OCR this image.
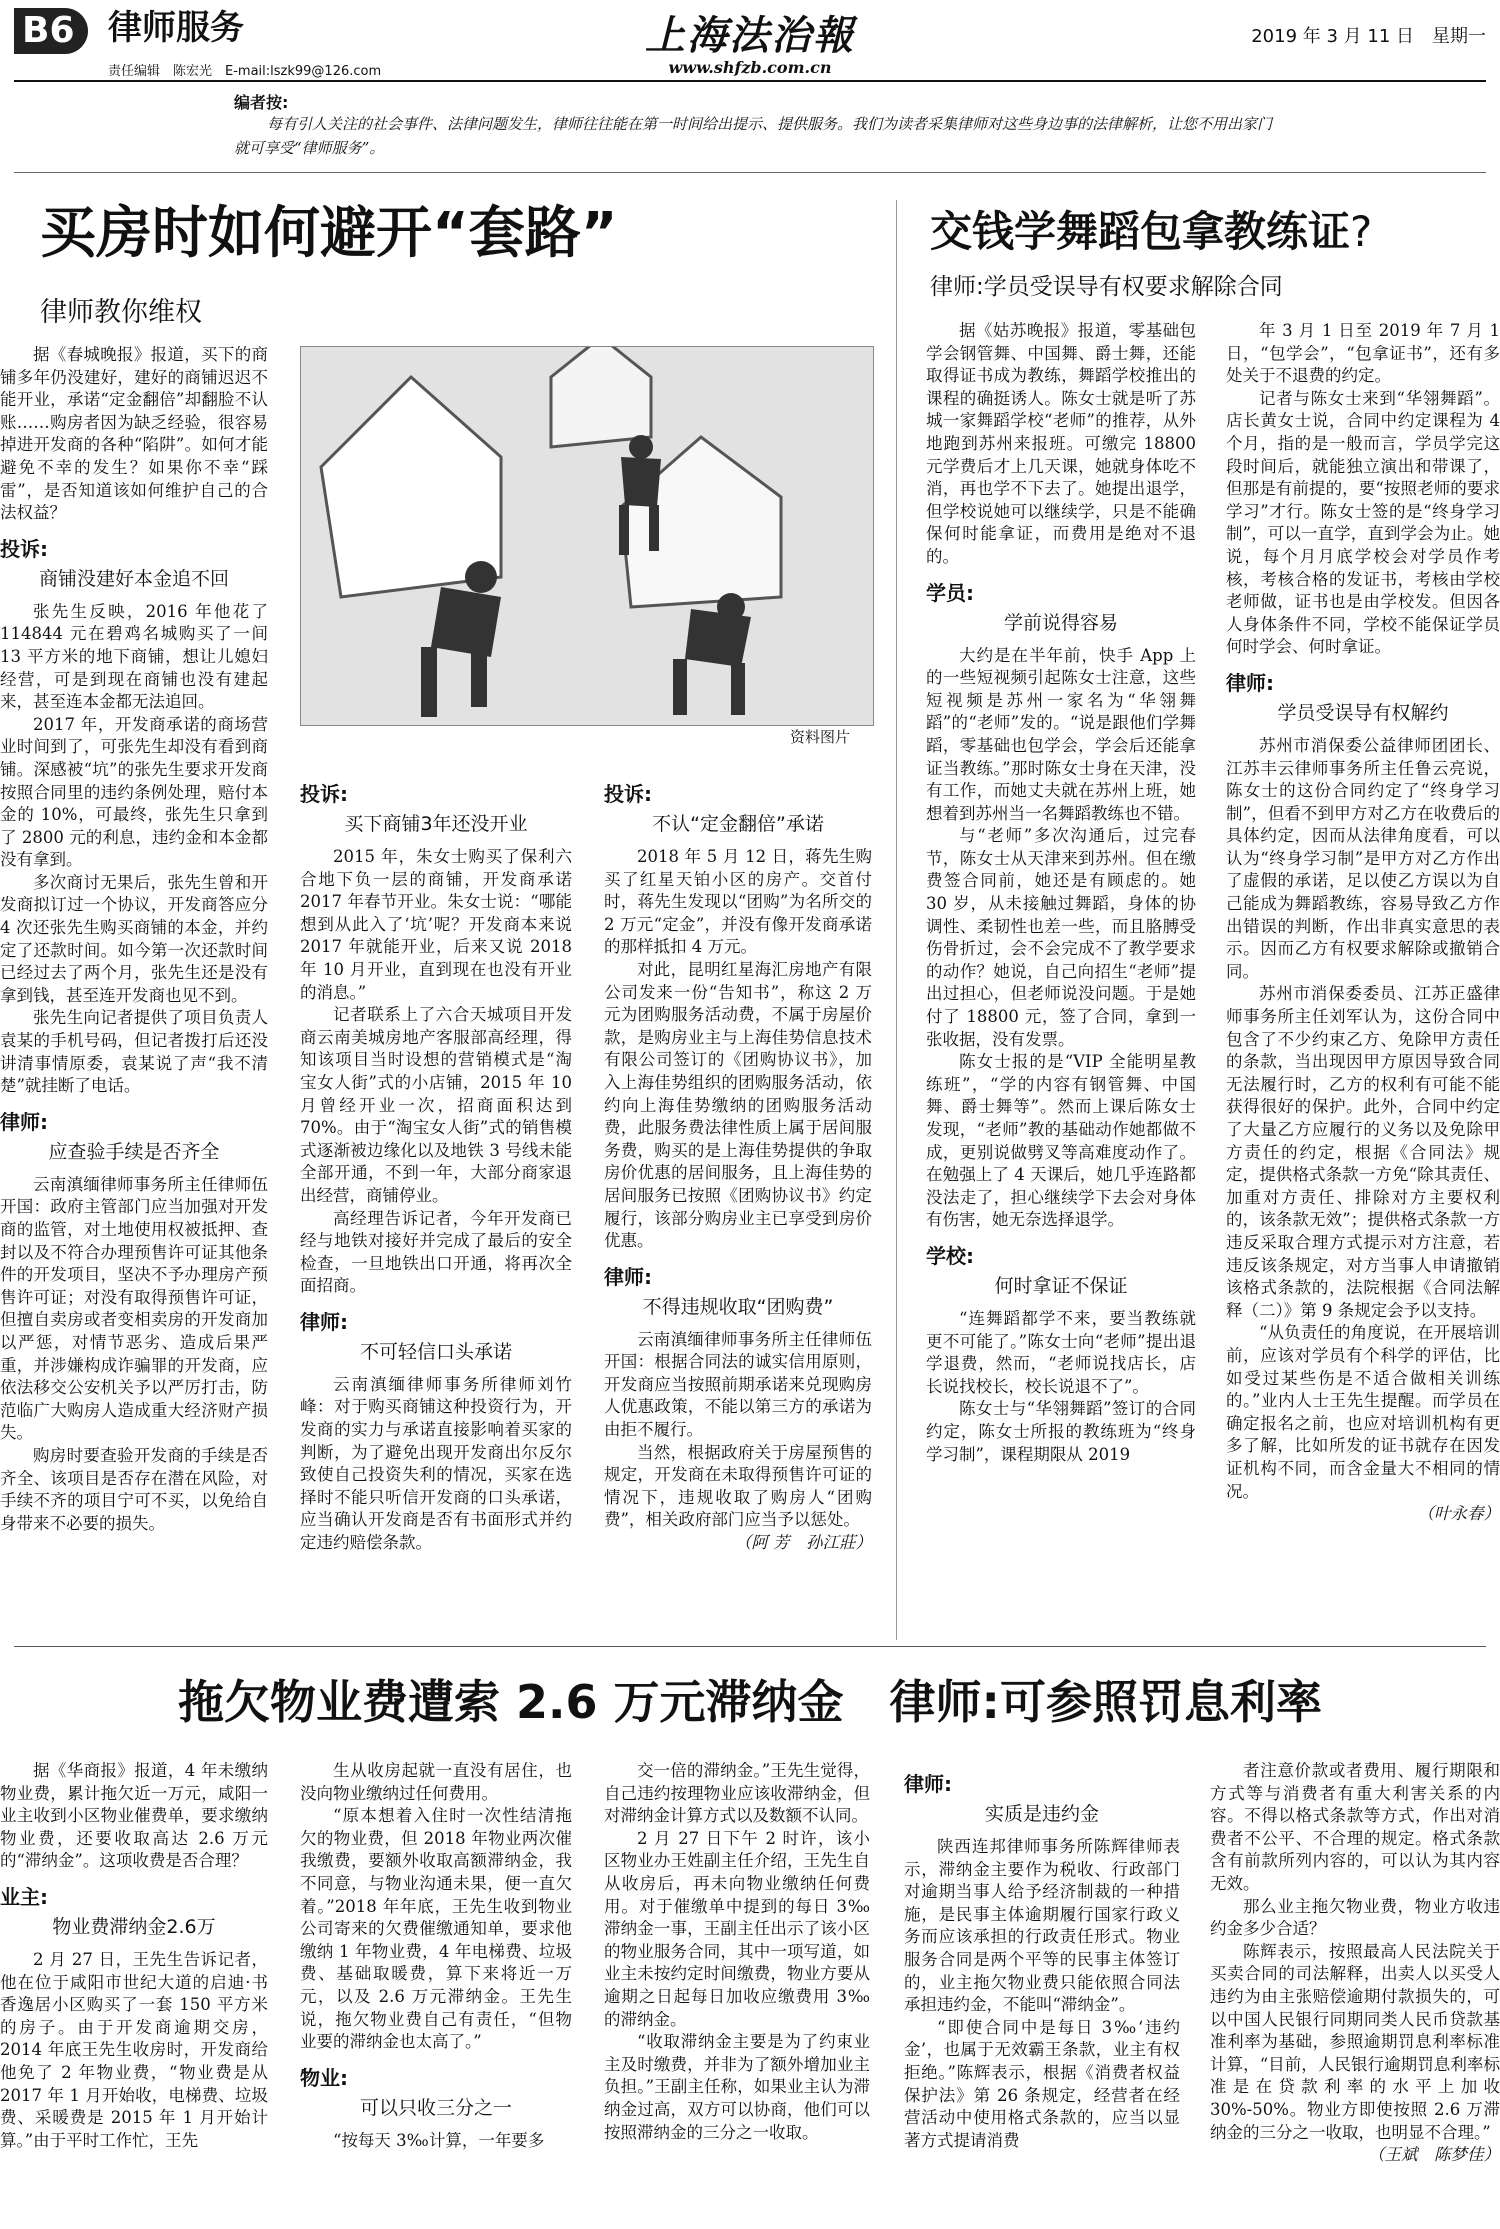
B6 律师服务
责任编辑　陈宏光　E-mail:lszk99@126.com
上海法治報
www.shfzb.com.cn
2019 年 3 月 11 日　星期一
编者按:
每有引人关注的社会事件、法律问题发生，律师往往能在第一时间给出提示、提供服务。我们为读者采集律师对这些身边事的法律解析，让您不用出家门就可享受“律师服务”。
买房时如何避开“套路”
律师教你维权
资料图片

据《春城晚报》报道，买下的商铺多年仍没建好，建好的商铺迟迟不能开业，承诺“定金翻倍”却翻脸不认账……购房者因为缺乏经验，很容易掉进开发商的各种“陷阱”。如何才能避免不幸的发生？如果你不幸“踩雷”，是否知道该如何维护自己的合法权益？

投诉:

商铺没建好本金追不回

张先生反映，2016 年他花了 114844 元在碧鸡名城购买了一间 13 平方米的地下商铺，想让儿媳妇经营，可是到现在商铺也没有建起来，甚至连本金都无法追回。

2017 年，开发商承诺的商场营业时间到了，可张先生却没有看到商铺。深感被“坑”的张先生要求开发商按照合同里的违约条例处理，赔付本金的 10%，可最终，张先生只拿到了 2800 元的利息，违约金和本金都没有拿到。

多次商讨无果后，张先生曾和开发商拟订过一个协议，开发商答应分 4 次还张先生购买商铺的本金，并约定了还款时间。如今第一次还款时间已经过去了两个月，张先生还是没有拿到钱，甚至连开发商也见不到。

张先生向记者提供了项目负责人袁某的手机号码，但记者拨打后还没讲清事情原委，袁某说了声“我不清楚”就挂断了电话。

律师:

应查验手续是否齐全

云南滇缅律师事务所主任律师伍开国：政府主管部门应当加强对开发商的监管，对土地使用权被抵押、查封以及不符合办理预售许可证其他条件的开发项目，坚决不予办理房产预售许可证；对没有取得预售许可证，但擅自卖房或者变相卖房的开发商加以严惩，对情节恶劣、造成后果严重，并涉嫌构成诈骗罪的开发商，应依法移交公安机关予以严厉打击，防范临广大购房人造成重大经济财产损失。

购房时要查验开发商的手续是否齐全、该项目是否存在潜在风险，对手续不齐的项目宁可不买，以免给自身带来不必要的损失。

投诉:

买下商铺3年还没开业

2015 年，朱女士购买了保利六合地下负一层的商铺，开发商承诺 2017 年春节开业。朱女士说：“哪能想到从此入了‘坑’呢？开发商本来说 2017 年就能开业，后来又说 2018 年 10 月开业，直到现在也没有开业的消息。”

记者联系上了六合天城项目开发商云南美城房地产客服部高经理，得知该项目当时设想的营销模式是“淘宝女人街”式的小店铺，2015 年 10 月曾经开业一次，招商面积达到 70%。由于“淘宝女人街”式的销售模式逐渐被边缘化以及地铁 3 号线未能全部开通，不到一年，大部分商家退出经营，商铺停业。

高经理告诉记者，今年开发商已经与地铁对接好并完成了最后的安全检查，一旦地铁出口开通，将再次全面招商。

律师:

不可轻信口头承诺

云南滇缅律师事务所律师刘竹峰：对于购买商铺这种投资行为，开发商的实力与承诺直接影响着买家的判断，为了避免出现开发商出尔反尔致使自己投资失利的情况，买家在选择时不能只听信开发商的口头承诺，应当确认开发商是否有书面形式并约定违约赔偿条款。

投诉:

不认“定金翻倍”承诺

2018 年 5 月 12 日，蒋先生购买了红星天铂小区的房产。交首付时，蒋先生发现以“团购”为名所交的 2 万元“定金”，并没有像开发商承诺的那样抵扣 4 万元。

对此，昆明红星海汇房地产有限公司发来一份“告知书”，称这 2 万元为团购服务活动费，不属于房屋价款，是购房业主与上海佳势信息技术有限公司签订的《团购协议书》，加入上海佳势组织的团购服务活动，依约向上海佳势缴纳的团购服务活动费，此服务费法律性质上属于居间服务费，购买的是上海佳势提供的争取房价优惠的居间服务，且上海佳势的居间服务已按照《团购协议书》约定履行，该部分购房业主已享受到房价优惠。

律师:

不得违规收取“团购费”

云南滇缅律师事务所主任律师伍开国：根据合同法的诚实信用原则，开发商应当按照前期承诺来兑现购房人优惠政策，不能以第三方的承诺为由拒不履行。

当然，根据政府关于房屋预售的规定，开发商在未取得预售许可证的情况下，违规收取了购房人“团购费”，相关政府部门应当予以惩处。

（阿 芳　孙江莊）

交钱学舞蹈包拿教练证?
律师:学员受误导有权要求解除合同

据《姑苏晚报》报道，零基础包学会钢管舞、中国舞、爵士舞，还能取得证书成为教练，舞蹈学校推出的课程的确挺诱人。陈女士就是听了苏城一家舞蹈学校“老师”的推荐，从外地跑到苏州来报班。可缴完 18800 元学费后才上几天课，她就身体吃不消，再也学不下去了。她提出退学，但学校说她可以继续学，只是不能确保何时能拿证，而费用是绝对不退的。

学员:

学前说得容易

大约是在半年前，快手 App 上的一些短视频引起陈女士注意，这些短视频是苏州一家名为“华翎舞蹈”的“老师”发的。“说是跟他们学舞蹈，零基础也包学会，学会后还能拿证当教练。”那时陈女士身在天津，没有工作，而她丈夫就在苏州上班，她想着到苏州当一名舞蹈教练也不错。

与“老师”多次沟通后，过完春节，陈女士从天津来到苏州。但在缴费签合同前，她还是有顾虑的。她 30 岁，从未接触过舞蹈，身体的协调性、柔韧性也差一些，而且胳膊受伤骨折过，会不会完成不了教学要求的动作？她说，自己向招生“老师”提出过担心，但老师说没问题。于是她付了 18800 元，签了合同，拿到一张收据，没有发票。

陈女士报的是“VIP 全能明星教练班”，“学的内容有钢管舞、中国舞、爵士舞等”。然而上课后陈女士发现，“老师”教的基础动作她都做不成，更别说做劈叉等高难度动作了。在勉强上了 4 天课后，她几乎连路都没法走了，担心继续学下去会对身体有伤害，她无奈选择退学。

学校:

何时拿证不保证

“连舞蹈都学不来，要当教练就更不可能了。”陈女士向“老师”提出退学退费，然而，“老师说找店长，店长说找校长，校长说退不了”。

陈女士与“华翎舞蹈”签订的合同约定，陈女士所报的教练班为“终身学习制”，课程期限从 2019

年 3 月 1 日至 2019 年 7 月 1 日，“包学会”，“包拿证书”，还有多处关于不退费的约定。

记者与陈女士来到“华翎舞蹈”。店长黄女士说，合同中约定课程为 4 个月，指的是一般而言，学员学完这段时间后，就能独立演出和带课了，但那是有前提的，要“按照老师的要求学习”才行。陈女士签的是“终身学习制”，可以一直学，直到学会为止。她说，每个月月底学校会对学员作考核，考核合格的发证书，考核由学校老师做，证书也是由学校发。但因各人身体条件不同，学校不能保证学员何时学会、何时拿证。

律师:

学员受误导有权解约

苏州市消保委公益律师团团长、江苏丰云律师事务所主任鲁云亮说，陈女士的这份合同约定了“终身学习制”，但看不到甲方对乙方在收费后的具体约定，因而从法律角度看，可以认为“终身学习制”是甲方对乙方作出了虚假的承诺，足以使乙方误以为自己能成为舞蹈教练，容易导致乙方作出错误的判断，作出非真实意思的表示。因而乙方有权要求解除或撤销合同。

苏州市消保委委员、江苏正盛律师事务所主任刘军认为，这份合同中包含了不少约束乙方、免除甲方责任的条款，当出现因甲方原因导致合同无法履行时，乙方的权利有可能不能获得很好的保护。此外，合同中约定了大量乙方应履行的义务以及免除甲方责任的约定，根据《合同法》规定，提供格式条款一方免“除其责任、加重对方责任、排除对方主要权利的，该条款无效”；提供格式条款一方违反采取合理方式提示对方注意，若违反该条规定，对方当事人申请撤销该格式条款的，法院根据《合同法解释（二）》第 9 条规定会予以支持。

“从负责任的角度说，在开展培训前，应该对学员有个科学的评估，比如受过某些伤是不适合做相关训练的。”业内人士王先生提醒。而学员在确定报名之前，也应对培训机构有更多了解，比如所发的证书就存在因发证机构不同，而含金量大不相同的情况。

（叶永春）

拖欠物业费遭索 2.6 万元滞纳金　律师:可参照罚息利率

据《华商报》报道，4 年未缴纳物业费，累计拖欠近一万元，咸阳一业主收到小区物业催费单，要求缴纳物业费，还要收取高达 2.6 万元的“滞纳金”。这项收费是否合理？

业主:

物业费滞纳金2.6万

2 月 27 日，王先生告诉记者，他在位于咸阳市世纪大道的启迪·书香逸居小区购买了一套 150 平方米的房子。由于开发商逾期交房，2014 年底王先生收房时，开发商给他免了 2 年物业费，“物业费是从 2017 年 1 月开始收，电梯费、垃圾费、采暖费是 2015 年 1 月开始计算。”由于平时工作忙，王先

生从收房起就一直没有居住，也没向物业缴纳过任何费用。

“原本想着入住时一次性结清拖欠的物业费，但 2018 年物业两次催我缴费，要额外收取高额滞纳金，我不同意，与物业沟通未果，便一直欠着。”2018 年年底，王先生收到物业公司寄来的欠费催缴通知单，要求他缴纳 1 年物业费，4 年电梯费、垃圾费、基础取暖费，算下来将近一万元，以及 2.6 万元滞纳金。王先生说，拖欠物业费自己有责任，“但物业要的滞纳金也太高了。”

物业:

可以只收三分之一

“按每天 3‰计算，一年要多

交一倍的滞纳金。”王先生觉得，自己违约按理物业应该收滞纳金，但对滞纳金计算方式以及数额不认同。

2 月 27 日下午 2 时许，该小区物业办王姓副主任介绍，王先生自从收房后，再未向物业缴纳任何费用。对于催缴单中提到的每日 3‰滞纳金一事，王副主任出示了该小区的物业服务合同，其中一项写道，如业主未按约定时间缴费，物业方要从逾期之日起每日加收应缴费用 3‰的滞纳金。

“收取滞纳金主要是为了约束业主及时缴费，并非为了额外增加业主负担。”王副主任称，如果业主认为滞纳金过高，双方可以协商，他们可以按照滞纳金的三分之一收取。

律师:

实质是违约金

陕西连邦律师事务所陈辉律师表示，滞纳金主要作为税收、行政部门对逾期当事人给予经济制裁的一种措施，是民事主体逾期履行国家行政义务而应该承担的行政责任形式。物业服务合同是两个平等的民事主体签订的，业主拖欠物业费只能依照合同法承担违约金，不能叫“滞纳金”。

“即使合同中是每日 3‰‘违约金’，也属于无效霸王条款，业主有权拒绝。”陈辉表示，根据《消费者权益保护法》第 26 条规定，经营者在经营活动中使用格式条款的，应当以显著方式提请消费

者注意价款或者费用、履行期限和方式等与消费者有重大利害关系的内容。不得以格式条款等方式，作出对消费者不公平、不合理的规定。格式条款含有前款所列内容的，可以认为其内容无效。

那么业主拖欠物业费，物业方收违约金多少合适？

陈辉表示，按照最高人民法院关于买卖合同的司法解释，出卖人以买受人违约为由主张赔偿逾期付款损失的，可以中国人民银行同期同类人民币贷款基准利率为基础，参照逾期罚息利率标准计算，“目前，人民银行逾期罚息利率标准是在贷款利率的水平上加收 30%-50%。物业方即使按照 2.6 万滞纳金的三分之一收取，也明显不合理。”

（王斌　陈梦佳）
